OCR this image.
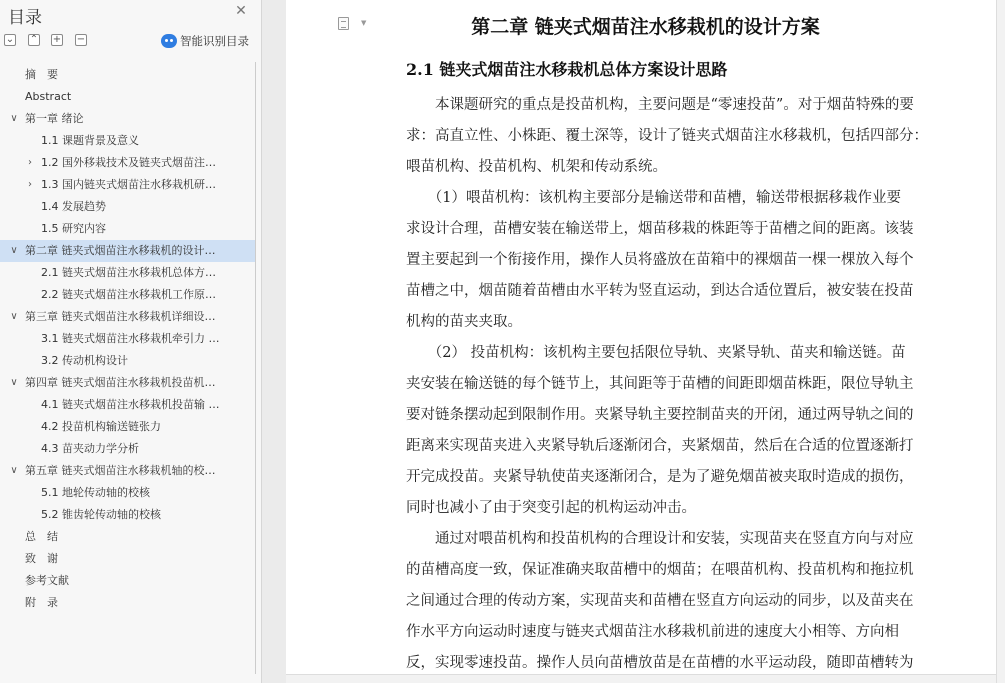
目录	✕
⌄ ⌃ + −	智能识别目录
摘　要
Abstract
∨ 第一章 绪论
1.1 课题背景及意义
› 1.2 国外移栽技术及链夹式烟苗注…
› 1.3 国内链夹式烟苗注水移栽机研…
1.4 发展趋势
1.5 研究内容
∨ 第二章 链夹式烟苗注水移栽机的设计…
2.1 链夹式烟苗注水移栽机总体方…
2.2 链夹式烟苗注水移栽机工作原…
∨ 第三章 链夹式烟苗注水移栽机详细设…
3.1 链夹式烟苗注水移栽机牵引力 …
3.2 传动机构设计
∨ 第四章 链夹式烟苗注水移栽机投苗机…
4.1 链夹式烟苗注水移栽机投苗输 …
4.2 投苗机构输送链张力
4.3 苗夹动力学分析
∨ 第五章 链夹式烟苗注水移栽机轴的校…
5.1 地轮传动轴的校核
5.2 锥齿轮传动轴的校核
总　结
致　谢
参考文献
附　录
▼	第二章 链夹式烟苗注水移栽机的设计方案
2.1 链夹式烟苗注水移栽机总体方案设计思路
　　本课题研究的重点是投苗机构，主要问题是“零速投苗”。对于烟苗特殊的要
求：高直立性、小株距、覆土深等，设计了链夹式烟苗注水移栽机，包括四部分：
喂苗机构、投苗机构、机架和传动系统。
　　（1）喂苗机构：该机构主要部分是输送带和苗槽，输送带根据移栽作业要
求设计合理，苗槽安装在输送带上，烟苗移栽的株距等于苗槽之间的距离。该装
置主要起到一个衔接作用，操作人员将盛放在苗箱中的裸烟苗一棵一棵放入每个
苗槽之中，烟苗随着苗槽由水平转为竖直运动，到达合适位置后，被安装在投苗
机构的苗夹夹取。
　　（2） 投苗机构：该机构主要包括限位导轨、夹紧导轨、苗夹和输送链。苗
夹安装在输送链的每个链节上，其间距等于苗槽的间距即烟苗株距，限位导轨主
要对链条摆动起到限制作用。夹紧导轨主要控制苗夹的开闭，通过两导轨之间的
距离来实现苗夹进入夹紧导轨后逐渐闭合，夹紧烟苗，然后在合适的位置逐渐打
开完成投苗。夹紧导轨使苗夹逐渐闭合，是为了避免烟苗被夹取时造成的损伤，
同时也减小了由于突变引起的机构运动冲击。
　　通过对喂苗机构和投苗机构的合理设计和安装，实现苗夹在竖直方向与对应
的苗槽高度一致，保证准确夹取苗槽中的烟苗；在喂苗机构、投苗机构和拖拉机
之间通过合理的传动方案，实现苗夹和苗槽在竖直方向运动的同步，以及苗夹在
作水平方向运动时速度与链夹式烟苗注水移栽机前进的速度大小相等、方向相
反，实现零速投苗。操作人员向苗槽放苗是在苗槽的水平运动段，随即苗槽转为
